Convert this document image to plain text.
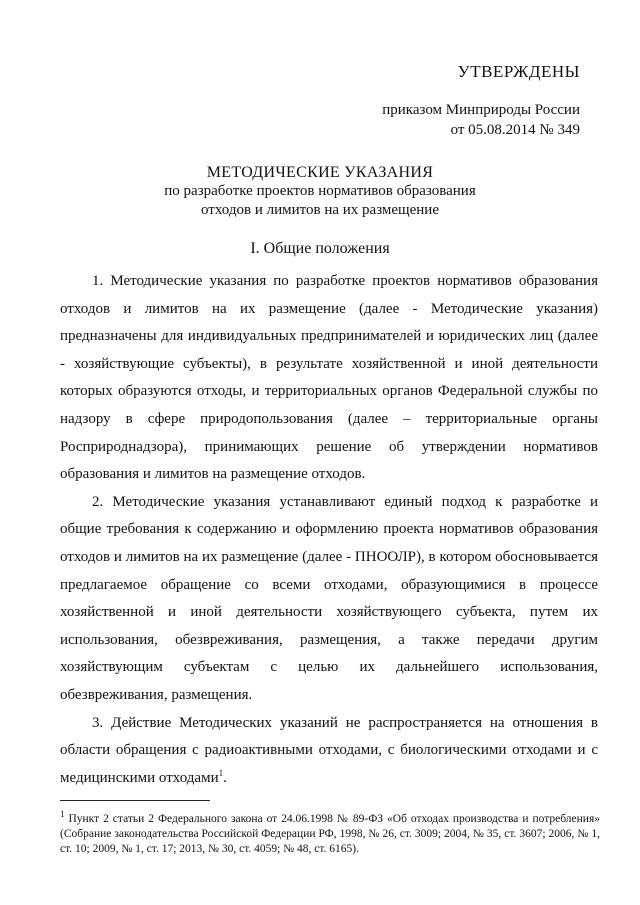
УТВЕРЖДЕНЫ
приказом Минприроды России
от 05.08.2014 № 349
МЕТОДИЧЕСКИЕ УКАЗАНИЯ
по разработке проектов нормативов образования
отходов и лимитов на их размещение
I. Общие положения

1. Методические указания по разработке проектов нормативов образования отходов и лимитов на их размещение (далее - Методические указания) предназначены для индивидуальных предпринимателей и юридических лиц (далее - хозяйствующие субъекты), в результате хозяйственной и иной деятельности которых образуются отходы, и территориальных органов Федеральной службы по надзору в сфере природопользования (далее – территориальные органы Росприроднадзора), принимающих решение об утверждении нормативов образования и лимитов на размещение отходов.

2. Методические указания устанавливают единый подход к разработке и общие требования к содержанию и оформлению проекта нормативов образования отходов и лимитов на их размещение (далее - ПНООЛР), в котором обосновывается предлагаемое обращение со всеми отходами, образующимися в процессе хозяйственной и иной деятельности хозяйствующего субъекта, путем их использования, обезвреживания, размещения, а также передачи другим хозяйствующим субъектам с целью их дальнейшего использования, обезвреживания, размещения.

3. Действие Методических указаний не распространяется на отношения в области обращения с радиоактивными отходами, с биологическими отходами и с медицинскими отходами$^1$.

$^1$ Пункт 2 статьи 2 Федерального закона от 24.06.1998 № 89-ФЗ «Об отходах производства и потребления» (Собрание законодательства Российской Федерации РФ, 1998, № 26, ст. 3009; 2004, № 35, ст. 3607; 2006, № 1, ст. 10; 2009, № 1, ст. 17; 2013, № 30, ст. 4059; № 48, ст. 6165).
